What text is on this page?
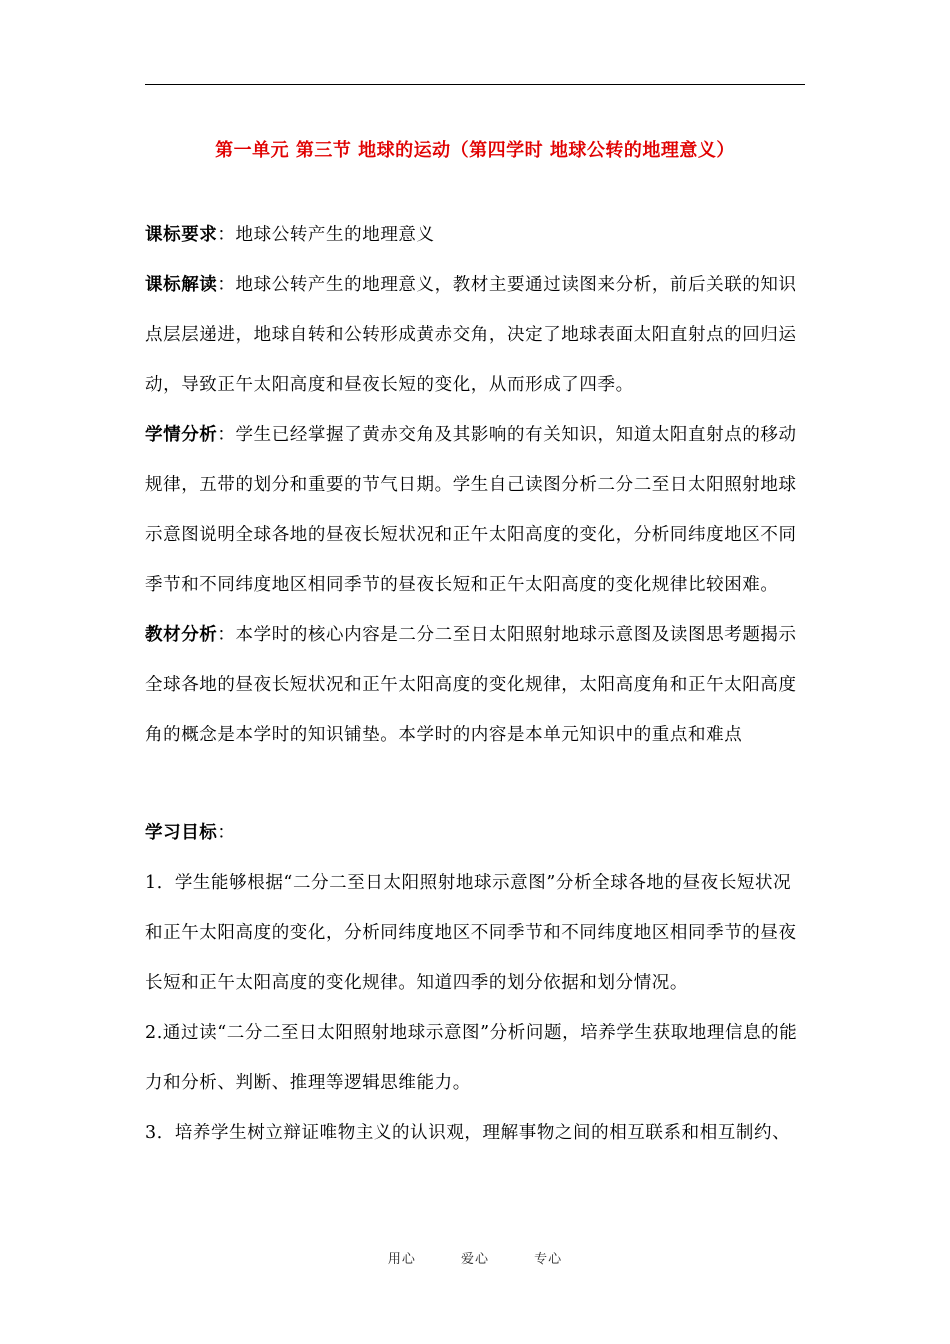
第一单元 第三节 地球的运动（第四学时 地球公转的地理意义）

课标要求：地球公转产生的地理意义

课标解读：地球公转产生的地理意义，教材主要通过读图来分析，前后关联的知识点层层递进，地球自转和公转形成黄赤交角，决定了地球表面太阳直射点的回归运动，导致正午太阳高度和昼夜长短的变化，从而形成了四季。

学情分析：学生已经掌握了黄赤交角及其影响的有关知识，知道太阳直射点的移动规律，五带的划分和重要的节气日期。学生自己读图分析二分二至日太阳照射地球示意图说明全球各地的昼夜长短状况和正午太阳高度的变化，分析同纬度地区不同季节和不同纬度地区相同季节的昼夜长短和正午太阳高度的变化规律比较困难。

教材分析：本学时的核心内容是二分二至日太阳照射地球示意图及读图思考题揭示全球各地的昼夜长短状况和正午太阳高度的变化规律，太阳高度角和正午太阳高度角的概念是本学时的知识铺垫。本学时的内容是本单元知识中的重点和难点

学习目标：

1．学生能够根据“二分二至日太阳照射地球示意图”分析全球各地的昼夜长短状况和正午太阳高度的变化，分析同纬度地区不同季节和不同纬度地区相同季节的昼夜长短和正午太阳高度的变化规律。知道四季的划分依据和划分情况。

2.通过读“二分二至日太阳照射地球示意图”分析问题，培养学生获取地理信息的能力和分析、判断、推理等逻辑思维能力。

3．培养学生树立辩证唯物主义的认识观，理解事物之间的相互联系和相互制约、

用心	爱心	专心
